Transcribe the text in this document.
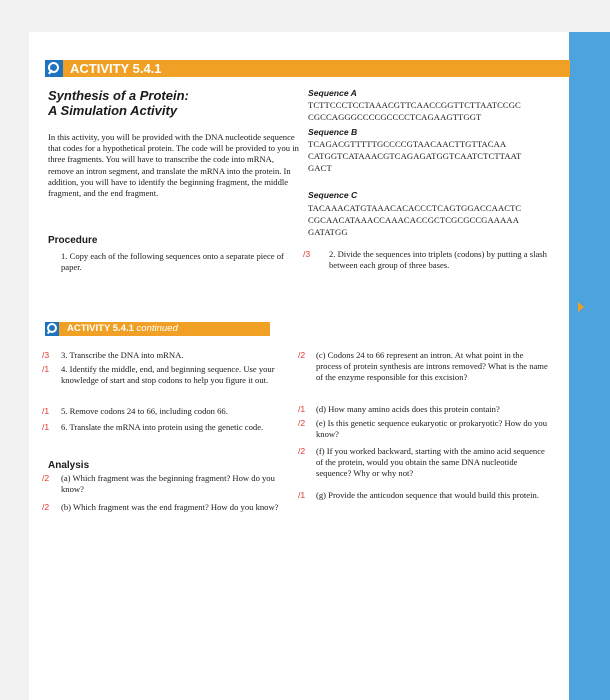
ACTIVITY 5.4.1
Synthesis of a Protein:
A Simulation Activity
In this activity, you will be provided with the DNA nucleotide sequence that codes for a hypothetical protein. The code will be provided to you in three fragments. You will have to transcribe the code into mRNA, remove an intron segment, and translate the mRNA into the protein. In addition, you will have to identify the beginning fragment, the middle fragment, and the end fragment.
Procedure
1. Copy each of the following sequences onto a separate piece of paper.
Sequence A
TCTTCCCTCCTAAACGTTCAACCGGTTCTTAATCCGC
CGCCAGGGCCCCGCCCCTCAGAAGTTGGT
Sequence B
TCAGACGTTTTTGCCCCGTAACAACTTGTTACAA
CATGGTCATAAACGTCAGAGATGGTCAATCTCTTAAT
GACT
Sequence C
TACAAACATGTAAACACACCCTCAGTGGACCAACTC
CGCAACATAAACCAAACACCGCTCGCGCCGAAAAA
GATATGG
/3 2. Divide the sequences into triplets (codons) by putting a slash between each group of three bases.
ACTIVITY 5.4.1 continued
/3 3. Transcribe the DNA into mRNA.
/1 4. Identify the middle, end, and beginning sequence. Use your knowledge of start and stop codons to help you figure it out.
/1 5. Remove codons 24 to 66, including codon 66.
/1 6. Translate the mRNA into protein using the genetic code.
Analysis
/2 (a) Which fragment was the beginning fragment? How do you know?
/2 (b) Which fragment was the end fragment? How do you know?
/2 (c) Codons 24 to 66 represent an intron. At what point in the process of protein synthesis are introns removed? What is the name of the enzyme responsible for this excision?
/1 (d) How many amino acids does this protein contain?
/2 (e) Is this genetic sequence eukaryotic or prokaryotic? How do you know?
/2 (f) If you worked backward, starting with the amino acid sequence of the protein, would you obtain the same DNA nucleotide sequence? Why or why not?
/1 (g) Provide the anticodon sequence that would build this protein.
